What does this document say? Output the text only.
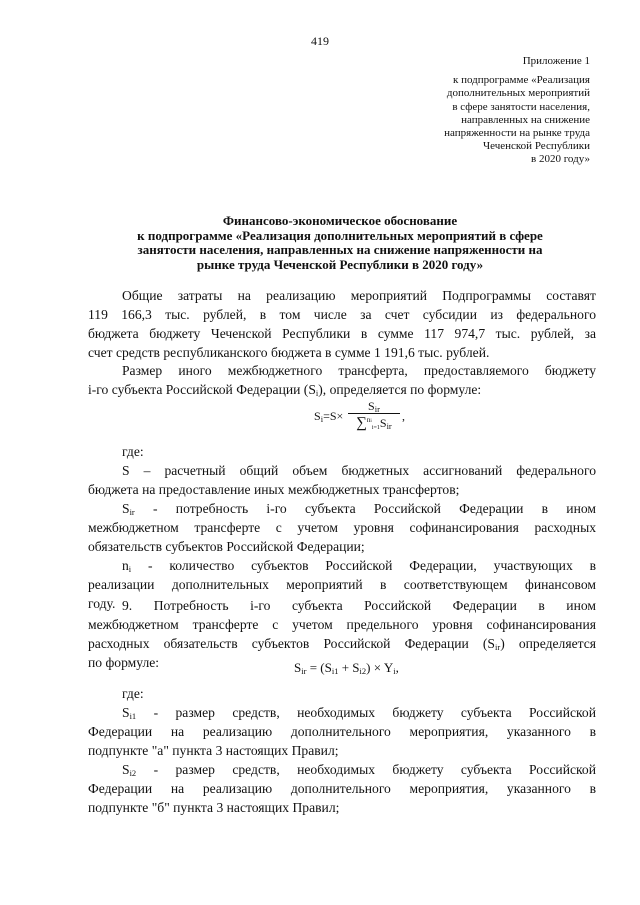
419
Приложение 1
к подпрограмме «Реализация
дополнительных мероприятий
в сфере занятости населения,
направленных на снижение
напряженности на рынке труда
Чеченской Республики
в 2020 году»
Финансово-экономическое обоснование
к подпрограмме «Реализация дополнительных мероприятий в сфере
занятости населения, направленных на снижение напряженности на
рынке труда Чеченской Республики в 2020 году»
Общие затраты на реализацию мероприятий Подпрограммы составят
119 166,3 тыс. рублей, в том числе за счет субсидии из федерального
бюджета бюджету Чеченской Республики в сумме 117 974,7 тыс. рублей, за
счет средств республиканского бюджета в сумме 1 191,6 тыс. рублей.
Размер иного межбюджетного трансферта, предоставляемого бюджету
i-го субъекта Российской Федерации $(S_i)$, определяется по формуле:
$S_i=S\times$
$S_{ir}$
$\sum^{ni}_{i=1}S_{ir}$
,
где:
S – расчетный общий объем бюджетных ассигнований федерального
бюджета на предоставление иных межбюджетных трансфертов;
$S_{ir}$ - потребность i-го субъекта Российской Федерации в ином
межбюджетном трансферте с учетом уровня софинансирования расходных
обязательств субъектов Российской Федерации;
$n_i$ - количество субъектов Российской Федерации, участвующих в
реализации дополнительных мероприятий в соответствующем финансовом
году. 9. Потребность i-го субъекта Российской Федерации в ином
межбюджетном трансферте с учетом предельного уровня софинансирования
расходных обязательств субъектов Российской Федерации $(S_{ir})$ определяется
по формуле:	$S_{ir} = (S_{i1} + S_{i2}) \times Y_i$,
где:
$S_{i1}$ - размер средств, необходимых бюджету субъекта Российской
Федерации на реализацию дополнительного мероприятия, указанного в
подпункте "а" пункта 3 настоящих Правил;
$S_{i2}$ - размер средств, необходимых бюджету субъекта Российской
Федерации на реализацию дополнительного мероприятия, указанного в
подпункте "б" пункта 3 настоящих Правил;
